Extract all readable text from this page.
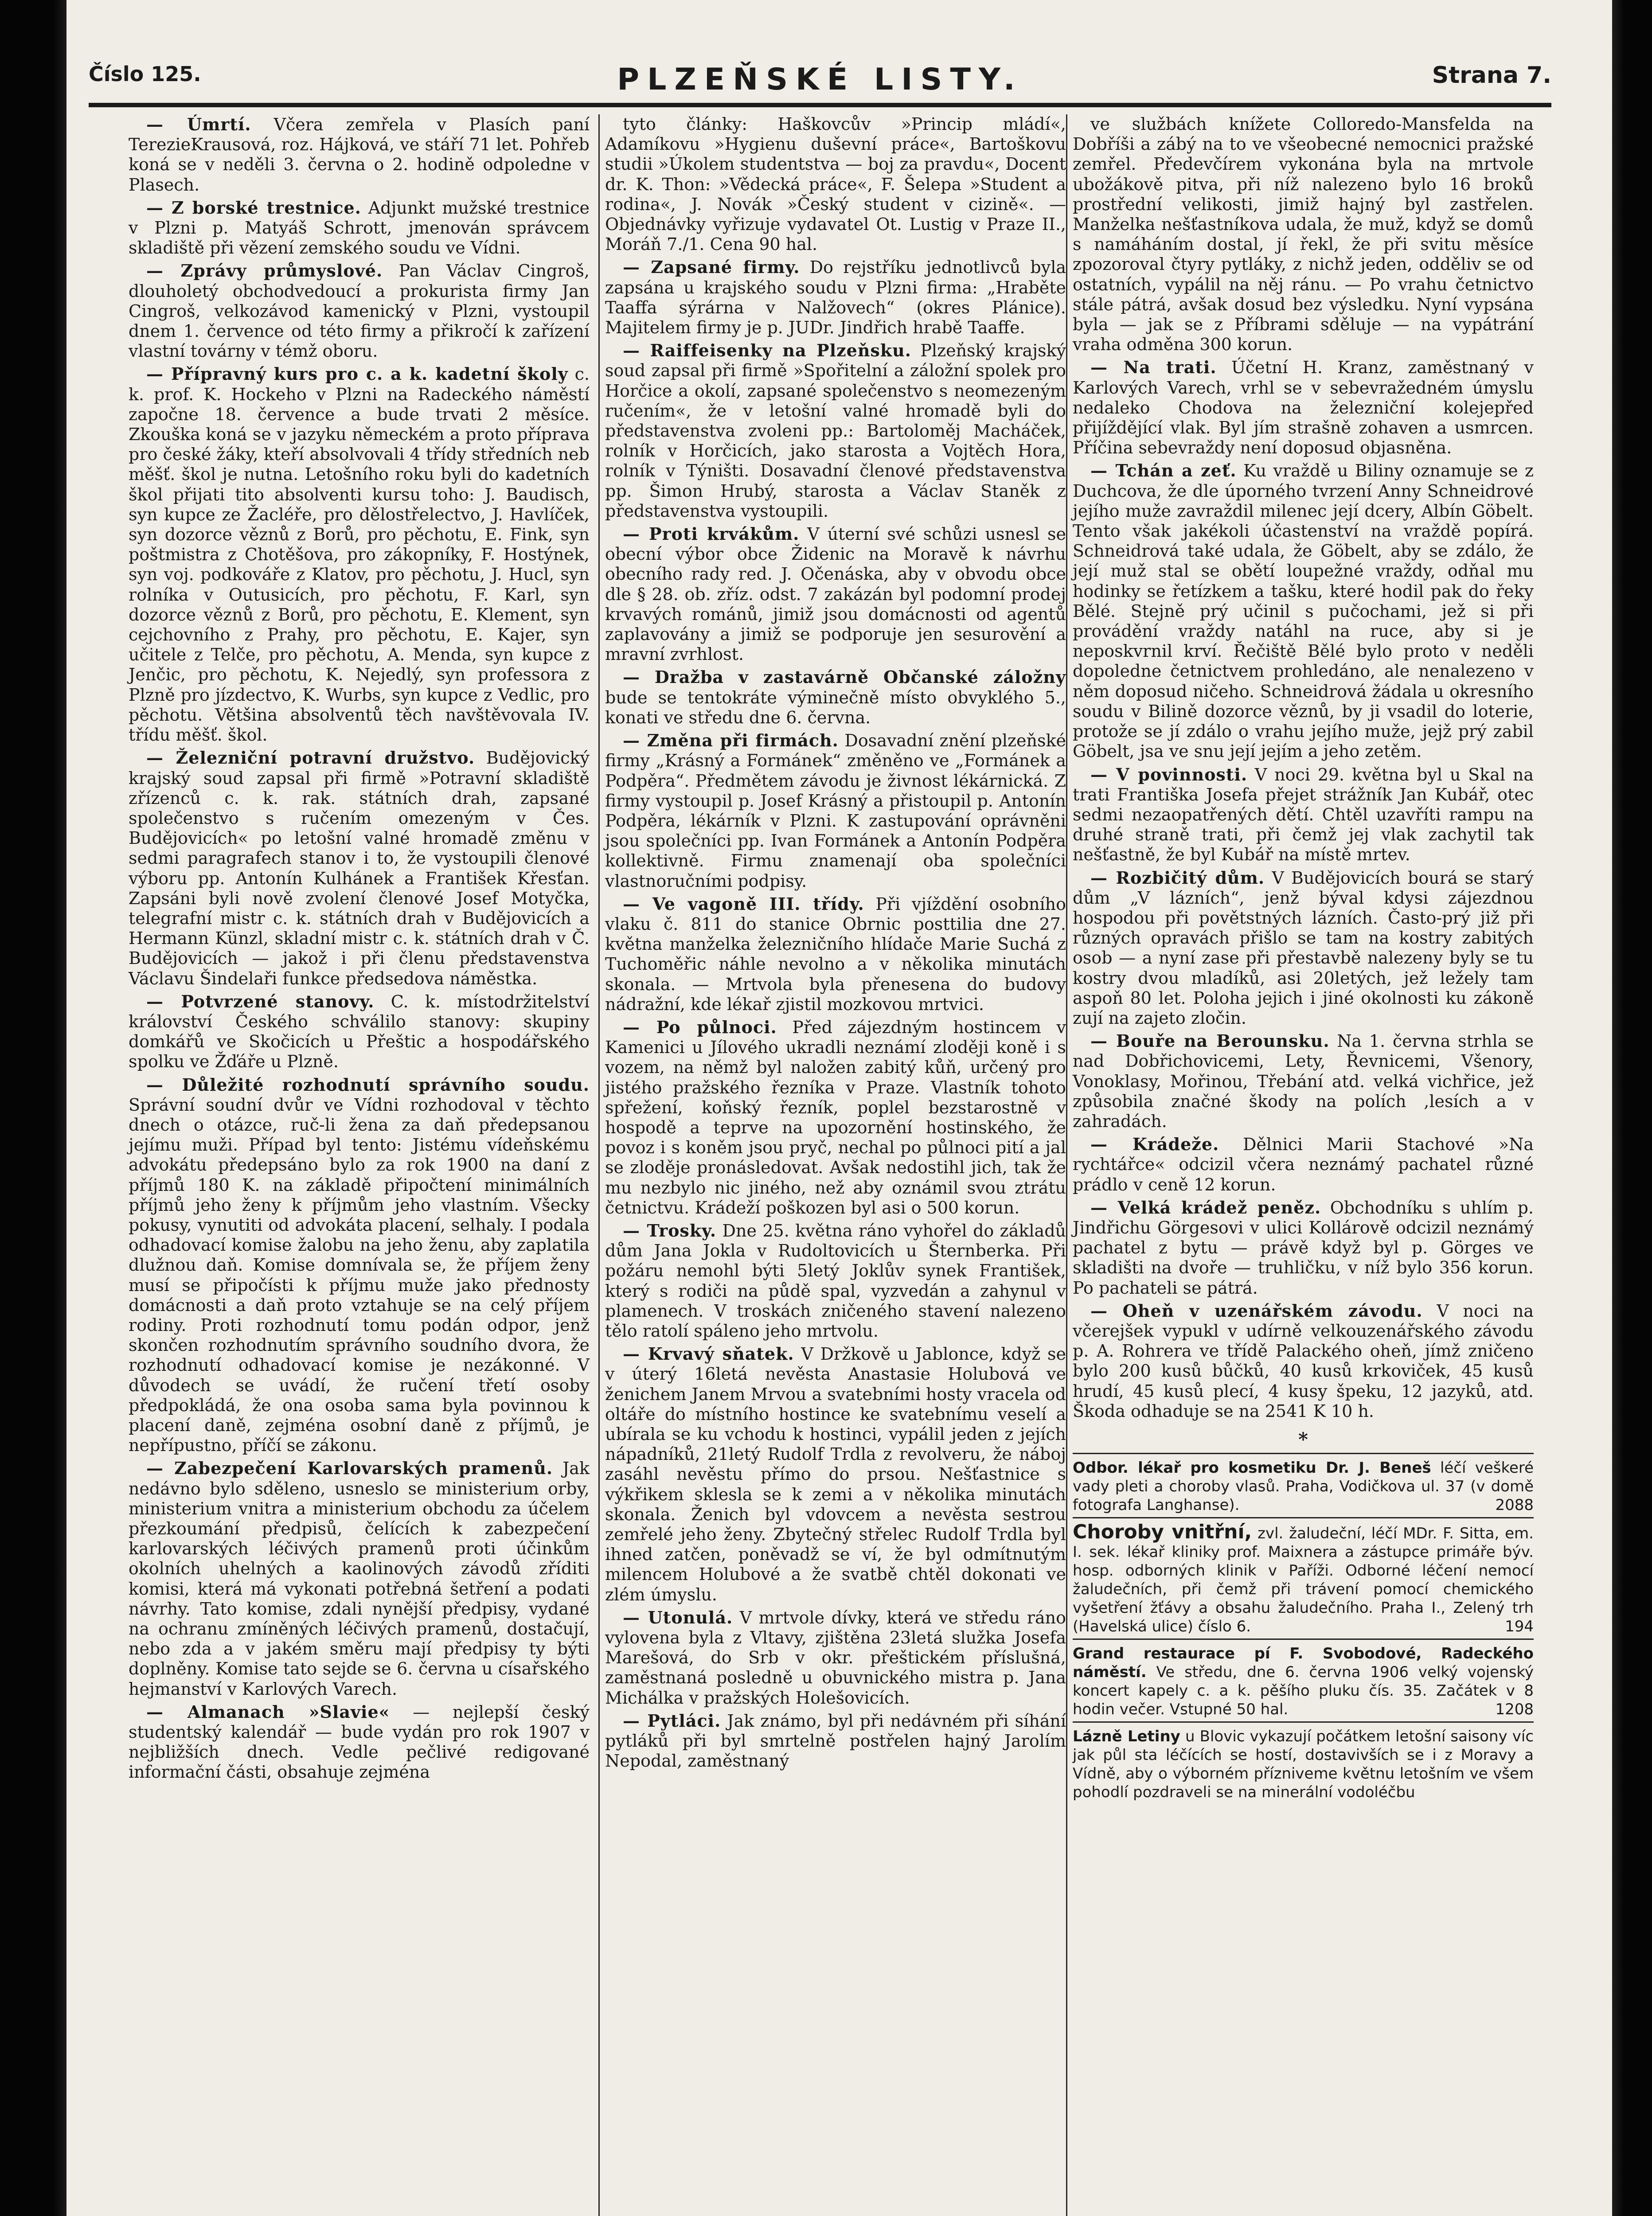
Číslo 125.	PLZEŇSKÉ LISTY.	Strana 7.

— Úmrtí. Včera zemřela v Plasích paní TerezieKrausová, roz. Hájková, ve stáří 71 let. Pohřeb koná se v neděli 3. června o 2. hodině odpoledne v Plasech.

— Z borské trestnice. Adjunkt mužské trestnice v Plzni p. Matyáš Schrott, jmenován správcem skladiště při vězení zemského soudu ve Vídni.

— Zprávy průmyslové. Pan Václav Cingroš, dlouholetý obchodvedoucí a prokurista firmy Jan Cingroš, velkozávod kamenický v Plzni, vystoupil dnem 1. července od této firmy a přikročí k zařízení vlastní továrny v témž oboru.

— Přípravný kurs pro c. a k. kadetní školy c. k. prof. K. Hockeho v Plzni na Radeckého náměstí započne 18. července a bude trvati 2 měsíce. Zkouška koná se v jazyku německém a proto příprava pro české žáky, kteří absolvovali 4 třídy středních neb měšť. škol je nutna. Letošního roku byli do kadetních škol přijati tito absolventi kursu toho: J. Baudisch, syn kupce ze Žacléře, pro dělostřelectvo, J. Havlíček, syn dozorce věznů z Borů, pro pěchotu, E. Fink, syn poštmistra z Chotěšova, pro zákopníky, F. Hostýnek, syn voj. podkováře z Klatov, pro pěchotu, J. Hucl, syn rolníka v Outusicích, pro pěchotu, F. Karl, syn dozorce věznů z Borů, pro pěchotu, E. Klement, syn cejchovního z Prahy, pro pěchotu, E. Kajer, syn učitele z Telče, pro pěchotu, A. Menda, syn kupce z Jenčic, pro pěchotu, K. Nejedlý, syn professora z Plzně pro jízdectvo, K. Wurbs, syn kupce z Vedlic, pro pěchotu. Většina absolventů těch navštěvovala IV. třídu měšť. škol.

— Železniční potravní družstvo. Budějovický krajský soud zapsal při firmě »Potravní skladiště zřízenců c. k. rak. státních drah, zapsané společenstvo s ručením omezeným v Čes. Budějovicích« po letošní valné hromadě změnu v sedmi paragrafech stanov i to, že vystoupili členové výboru pp. Antonín Kulhánek a František Křesťan. Zapsáni byli nově zvolení členové Josef Motyčka, telegrafní mistr c. k. státních drah v Budějovicích a Hermann Künzl, skladní mistr c. k. státních drah v Č. Budějovicích — jakož i při členu představenstva Václavu Šindelaři funkce předsedova náměstka.

— Potvrzené stanovy. C. k. místodržitelství království Českého schválilo stanovy: skupiny domkářů ve Skočicích u Přeštic a hospodářského spolku ve Žďáře u Plzně.

— Důležité rozhodnutí správního soudu. Správní soudní dvůr ve Vídni rozhodoval v těchto dnech o otázce, ruč-li žena za daň předepsanou jejímu muži. Případ byl tento: Jistému vídeňskému advokátu předepsáno bylo za rok 1900 na daní z příjmů 180 K. na základě připočtení minimálních příjmů jeho ženy k příjmům jeho vlastním. Všecky pokusy, vynutiti od advokáta placení, selhaly. I podala odhadovací komise žalobu na jeho ženu, aby zaplatila dlužnou daň. Komise domnívala se, že příjem ženy musí se připočísti k příjmu muže jako přednosty domácnosti a daň proto vztahuje se na celý příjem rodiny. Proti rozhodnutí tomu podán odpor, jenž skončen rozhodnutím správního soudního dvora, že rozhodnutí odhadovací komise je nezákonné. V důvodech se uvádí, že ručení třetí osoby předpokládá, že ona osoba sama byla povinnou k placení daně, zejména osobní daně z příjmů, je nepřípustno, příčí se zákonu.

— Zabezpečení Karlovarských pramenů. Jak nedávno bylo sděleno, usneslo se ministerium orby, ministerium vnitra a ministerium obchodu za účelem přezkoumání předpisů, čelících k zabezpečení karlovarských léčivých pramenů proti účinkům okolních uhelných a kaolinových závodů zříditi komisi, která má vykonati potřebná šetření a podati návrhy. Tato komise, zdali nynější předpisy, vydané na ochranu zmíněných léčivých pramenů, dostačují, nebo zda a v jakém směru mají předpisy ty býti doplněny. Komise tato sejde se 6. června u císařského hejmanství v Karlových Varech.

— Almanach »Slavie« — nejlepší český studentský kalendář — bude vydán pro rok 1907 v nejbližších dnech. Vedle pečlivé redigované informační části, obsahuje zejména

tyto články: Haškovcův »Princip mládí«, Adamíkovu »Hygienu duševní práce«, Bartoškovu studii »Úkolem studentstva — boj za pravdu«, Docent dr. K. Thon: »Vědecká práce«, F. Šelepa »Student a rodina«, J. Novák »Český student v cizině«. — Objednávky vyřizuje vydavatel Ot. Lustig v Praze II., Moráň 7./1. Cena 90 hal.

— Zapsané firmy. Do rejstříku jednotlivců byla zapsána u krajského soudu v Plzni firma: „Hraběte Taaffa sýrárna v Nalžovech“ (okres Plánice). Majitelem firmy je p. JUDr. Jindřich hrabě Taaffe.

— Raiffeisenky na Plzeňsku. Plzeňský krajský soud zapsal při firmě »Spořitelní a záložní spolek pro Horčice a okolí, zapsané společenstvo s neomezeným ručením«, že v letošní valné hromadě byli do představenstva zvoleni pp.: Bartoloměj Macháček, rolník v Horčicích, jako starosta a Vojtěch Hora, rolník v Týništi. Dosavadní členové představenstva pp. Šimon Hrubý, starosta a Václav Staněk z představenstva vystoupili.

— Proti krvákům. V úterní své schůzi usnesl se obecní výbor obce Židenic na Moravě k návrhu obecního rady red. J. Očenáska, aby v obvodu obce dle § 28. ob. zříz. odst. 7 zakázán byl podomní prodej krvavých románů, jimiž jsou domácnosti od agentů zaplavovány a jimiž se podporuje jen sesurovění a mravní zvrhlost.

— Dražba v zastavárně Občanské záložny bude se tentokráte výminečně místo obvyklého 5., konati ve středu dne 6. června.

— Změna při firmách. Dosavadní znění plzeňské firmy „Krásný a Formánek“ změněno ve „Formánek a Podpěra“. Předmětem závodu je živnost lékárnická. Z firmy vystoupil p. Josef Krásný a přistoupil p. Antonín Podpěra, lékárník v Plzni. K zastupování oprávněni jsou společníci pp. Ivan Formánek a Antonín Podpěra kollektivně. Firmu znamenají oba společníci vlastnoručními podpisy.

— Ve vagoně III. třídy. Při vjíždění osobního vlaku č. 811 do stanice Obrnic posttilia dne 27. května manželka železničního hlídače Marie Suchá z Tuchoměřic náhle nevolno a v několika minutách skonala. — Mrtvola byla přenesena do budovy nádražní, kde lékař zjistil mozkovou mrtvici.

— Po půlnoci. Před zájezdným hostincem v Kamenici u Jílového ukradli neznámí zloději koně i s vozem, na němž byl naložen zabitý kůň, určený pro jistého pražského řezníka v Praze. Vlastník tohoto spřežení, koňský řezník, poplel bezstarostně v hospodě a teprve na upozornění hostinského, že povoz i s koněm jsou pryč, nechal po půlnoci pití a jal se zloděje pronásledovat. Avšak nedostihl jich, tak že mu nezbylo nic jiného, než aby oznámil svou ztrátu četnictvu. Krádeží poškozen byl asi o 500 korun.

— Trosky. Dne 25. května ráno vyhořel do základů dům Jana Jokla v Rudoltovicích u Šternberka. Při požáru nemohl býti 5letý Joklův synek František, který s rodiči na půdě spal, vyzvedán a zahynul v plamenech. V troskách zničeného stavení nalezeno tělo ratolí spáleno jeho mrtvolu.

— Krvavý sňatek. V Držkově u Jablonce, když se v úterý 16letá nevěsta Anastasie Holubová ve ženichem Janem Mrvou a svatebními hosty vracela od oltáře do místního hostince ke svatebnímu veselí a ubírala se ku vchodu k hostinci, vypálil jeden z jejích nápadníků, 21letý Rudolf Trdla z revolveru, že náboj zasáhl nevěstu přímo do prsou. Nešťastnice s výkřikem sklesla se k zemi a v několika minutách skonala. Ženich byl vdovcem a nevěsta sestrou zemřelé jeho ženy. Zbytečný střelec Rudolf Trdla byl ihned zatčen, poněvadž se ví, že byl odmítnutým milencem Holubové a že svatbě chtěl dokonati ve zlém úmyslu.

— Utonulá. V mrtvole dívky, která ve středu ráno vylovena byla z Vltavy, zjištěna 23letá služka Josefa Marešová, do Srb v okr. přeštickém příslušná, zaměstnaná posledně u obuvnického mistra p. Jana Michálka v pražských Holešovicích.

— Pytláci. Jak známo, byl při nedávném při síhání pytláků při byl smrtelně postřelen hajný Jarolím Nepodal, zaměstnaný

ve službách knížete Colloredo-Mansfelda na Dobříši a zábý na to ve všeobecné nemocnici pražské zemřel. Předevčírem vykonána byla na mrtvole ubožákově pitva, při níž nalezeno bylo 16 broků prostřední velikosti, jimiž hajný byl zastřelen. Manželka nešťastníkova udala, že muž, když se domů s namáháním dostal, jí řekl, že při svitu měsíce zpozoroval čtyry pytláky, z nichž jeden, odděliv se od ostatních, vypálil na něj ránu. — Po vrahu četnictvo stále pátrá, avšak dosud bez výsledku. Nyní vypsána byla — jak se z Příbrami sděluje — na vypátrání vraha odměna 300 korun.

— Na trati. Účetní H. Kranz, zaměstnaný v Karlových Varech, vrhl se v sebevražedném úmyslu nedaleko Chodova na železniční kolejepřed přijíždějící vlak. Byl jím strašně zohaven a usmrcen. Příčina sebevraždy není doposud objasněna.

— Tchán a zeť. Ku vraždě u Biliny oznamuje se z Duchcova, že dle úporného tvrzení Anny Schneidrové jejího muže zavraždil milenec její dcery, Albín Göbelt. Tento však jakékoli účastenství na vraždě popírá. Schneidrová také udala, že Göbelt, aby se zdálo, že její muž stal se obětí loupežné vraždy, odňal mu hodinky se řetízkem a tašku, které hodil pak do řeky Bělé. Stejně prý učinil s pučochami, jež si při provádění vraždy natáhl na ruce, aby si je neposkvrnil krví. Řečiště Bělé bylo proto v neděli dopoledne četnictvem prohledáno, ale nenalezeno v něm doposud ničeho. Schneidrová žádala u okresního soudu v Bilině dozorce věznů, by ji vsadil do loterie, protože se jí zdálo o vrahu jejího muže, jejž prý zabil Göbelt, jsa ve snu její jejím a jeho zetěm.

— V povinnosti. V noci 29. května byl u Skal na trati Františka Josefa přejet strážník Jan Kubář, otec sedmi nezaopatřených dětí. Chtěl uzavříti rampu na druhé straně trati, při čemž jej vlak zachytil tak nešťastně, že byl Kubář na místě mrtev.

— Rozbičitý dům. V Budějovicích bourá se starý dům „V lázních“, jenž býval kdysi zájezdnou hospodou při povětstných lázních. Často-prý již při různých opravách přišlo se tam na kostry zabitých osob — a nyní zase při přestavbě nalezeny byly se tu kostry dvou mladíků, asi 20letých, jež ležely tam aspoň 80 let. Poloha jejich i jiné okolnosti ku zákoně zují na zajeto zločin.

— Bouře na Berounsku. Na 1. června strhla se nad Dobřichovicemi, Lety, Řevnicemi, Všenory, Vonoklasy, Mořinou, Třebání atd. velká vichřice, jež způsobila značné škody na polích ,lesích a v zahradách.

— Krádeže. Dělnici Marii Stachové »Na rychtářce« odcizil včera neznámý pachatel různé prádlo v ceně 12 korun.

— Velká krádež peněz. Obchodníku s uhlím p. Jindřichu Görgesovi v ulici Kollárově odcizil neznámý pachatel z bytu — právě když byl p. Görges ve skladišti na dvoře — truhličku, v níž bylo 356 korun. Po pachateli se pátrá.

— Oheň v uzenářském závodu. V noci na včerejšek vypukl v udírně velkouzenářského závodu p. A. Rohrera ve třídě Palackého oheň, jímž zničeno bylo 200 kusů bůčků, 40 kusů krkoviček, 45 kusů hrudí, 45 kusů plecí, 4 kusy špeku, 12 jazyků, atd. Škoda odhaduje se na 2541 K 10 h.

*
Odbor. lékař pro kosmetiku Dr. J. Beneš léčí veškeré vady pleti a choroby vlasů. Praha, Vodičkova ul. 37 (v domě fotografa Langhanse).	2088
Choroby vnitřní, zvl. žaludeční, léčí MDr. F. Sitta, em. I. sek. lékař kliniky prof. Maixnera a zástupce primáře býv. hosp. odborných klinik v Paříži. Odborné léčení nemocí žaludečních, při čemž při trávení pomocí chemického vyšetření žťávy a obsahu žaludečního. Praha I., Zelený trh (Havelská ulice) číslo 6.	194
Grand restaurace pí F. Svobodové, Radeckého náměstí. Ve středu, dne 6. června 1906 velký vojenský koncert kapely c. a k. pěšího pluku čís. 35. Začátek v 8 hodin večer. Vstupné 50 hal.	1208
Lázně Letiny u Blovic vykazují počátkem letošní saisony víc jak půl sta léčících se hostí, dostavivších se i z Moravy a Vídně, aby o výborném přízniveme květnu letošním ve všem pohodlí pozdraveli se na minerální vodoléčbu
